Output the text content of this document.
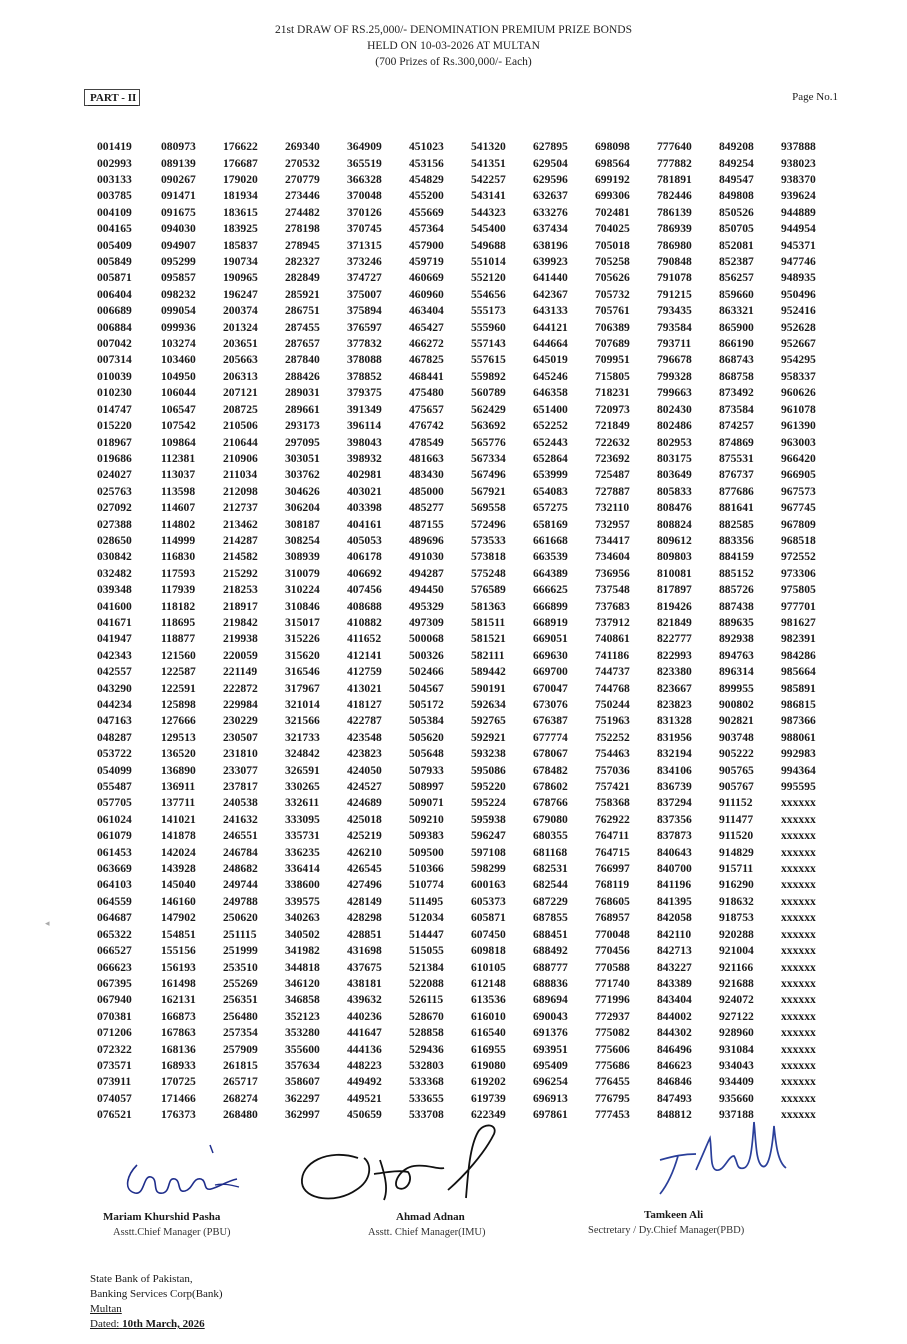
21st DRAW OF RS.25,000/- DENOMINATION PREMIUM PRIZE BONDS
HELD ON 10-03-2026 AT MULTAN
(700 Prizes of Rs.300,000/- Each)
PART - II	Page No.1
001419	080973	176622	269340	364909	451023	541320	627895	698098	777640	849208	937888
002993	089139	176687	270532	365519	453156	541351	629504	698564	777882	849254	938023
003133	090267	179020	270779	366328	454829	542257	629596	699192	781891	849547	938370
003785	091471	181934	273446	370048	455200	543141	632637	699306	782446	849808	939624
004109	091675	183615	274482	370126	455669	544323	633276	702481	786139	850526	944889
004165	094030	183925	278198	370745	457364	545400	637434	704025	786939	850705	944954
005409	094907	185837	278945	371315	457900	549688	638196	705018	786980	852081	945371
005849	095299	190734	282327	373246	459719	551014	639923	705258	790848	852387	947746
005871	095857	190965	282849	374727	460669	552120	641440	705626	791078	856257	948935
006404	098232	196247	285921	375007	460960	554656	642367	705732	791215	859660	950496
006689	099054	200374	286751	375894	463404	555173	643133	705761	793435	863321	952416
006884	099936	201324	287455	376597	465427	555960	644121	706389	793584	865900	952628
007042	103274	203651	287657	377832	466272	557143	644664	707689	793711	866190	952667
007314	103460	205663	287840	378088	467825	557615	645019	709951	796678	868743	954295
010039	104950	206313	288426	378852	468441	559892	645246	715805	799328	868758	958337
010230	106044	207121	289031	379375	475480	560789	646358	718231	799663	873492	960626
014747	106547	208725	289661	391349	475657	562429	651400	720973	802430	873584	961078
015220	107542	210506	293173	396114	476742	563692	652252	721849	802486	874257	961390
018967	109864	210644	297095	398043	478549	565776	652443	722632	802953	874869	963003
019686	112381	210906	303051	398932	481663	567334	652864	723692	803175	875531	966420
024027	113037	211034	303762	402981	483430	567496	653999	725487	803649	876737	966905
025763	113598	212098	304626	403021	485000	567921	654083	727887	805833	877686	967573
027092	114607	212737	306204	403398	485277	569558	657275	732110	808476	881641	967745
027388	114802	213462	308187	404161	487155	572496	658169	732957	808824	882585	967809
028650	114999	214287	308254	405053	489696	573533	661668	734417	809612	883356	968518
030842	116830	214582	308939	406178	491030	573818	663539	734604	809803	884159	972552
032482	117593	215292	310079	406692	494287	575248	664389	736956	810081	885152	973306
039348	117939	218253	310224	407456	494450	576589	666625	737548	817897	885726	975805
041600	118182	218917	310846	408688	495329	581363	666899	737683	819426	887438	977701
041671	118695	219842	315017	410882	497309	581511	668919	737912	821849	889635	981627
041947	118877	219938	315226	411652	500068	581521	669051	740861	822777	892938	982391
042343	121560	220059	315620	412141	500326	582111	669630	741186	822993	894763	984286
042557	122587	221149	316546	412759	502466	589442	669700	744737	823380	896314	985664
043290	122591	222872	317967	413021	504567	590191	670047	744768	823667	899955	985891
044234	125898	229984	321014	418127	505172	592634	673076	750244	823823	900802	986815
047163	127666	230229	321566	422787	505384	592765	676387	751963	831328	902821	987366
048287	129513	230507	321733	423548	505620	592921	677774	752252	831956	903748	988061
053722	136520	231810	324842	423823	505648	593238	678067	754463	832194	905222	992983
054099	136890	233077	326591	424050	507933	595086	678482	757036	834106	905765	994364
055487	136911	237817	330265	424527	508997	595220	678602	757421	836739	905767	995595
057705	137711	240538	332611	424689	509071	595224	678766	758368	837294	911152	xxxxxx
061024	141021	241632	333095	425018	509210	595938	679080	762922	837356	911477	xxxxxx
061079	141878	246551	335731	425219	509383	596247	680355	764711	837873	911520	xxxxxx
061453	142024	246784	336235	426210	509500	597108	681168	764715	840643	914829	xxxxxx
063669	143928	248682	336414	426545	510366	598299	682531	766997	840700	915711	xxxxxx
064103	145040	249744	338600	427496	510774	600163	682544	768119	841196	916290	xxxxxx
064559	146160	249788	339575	428149	511495	605373	687229	768605	841395	918632	xxxxxx
064687	147902	250620	340263	428298	512034	605871	687855	768957	842058	918753	xxxxxx
065322	154851	251115	340502	428851	514447	607450	688451	770048	842110	920288	xxxxxx
066527	155156	251999	341982	431698	515055	609818	688492	770456	842713	921004	xxxxxx
066623	156193	253510	344818	437675	521384	610105	688777	770588	843227	921166	xxxxxx
067395	161498	255269	346120	438181	522088	612148	688836	771740	843389	921688	xxxxxx
067940	162131	256351	346858	439632	526115	613536	689694	771996	843404	924072	xxxxxx
070381	166873	256480	352123	440236	528670	616010	690043	772937	844002	927122	xxxxxx
071206	167863	257354	353280	441647	528858	616540	691376	775082	844302	928960	xxxxxx
072322	168136	257909	355600	444136	529436	616955	693951	775606	846496	931084	xxxxxx
073571	168933	261815	357634	448223	532803	619080	695409	775686	846623	934043	xxxxxx
073911	170725	265717	358607	449492	533368	619202	696254	776455	846846	934409	xxxxxx
074057	171466	268274	362297	449521	533655	619739	696913	776795	847493	935660	xxxxxx
076521	176373	268480	362997	450659	533708	622349	697861	777453	848812	937188	xxxxxx
◂
Mariam Khurshid Pasha
Asstt.Chief Manager (PBU)
Ahmad Adnan
Asstt. Chief Manager(IMU)
Tamkeen Ali
Sectretary / Dy.Chief Manager(PBD)
State Bank of Pakistan,
Banking Services Corp(Bank)
Multan
Dated: 10th March, 2026
